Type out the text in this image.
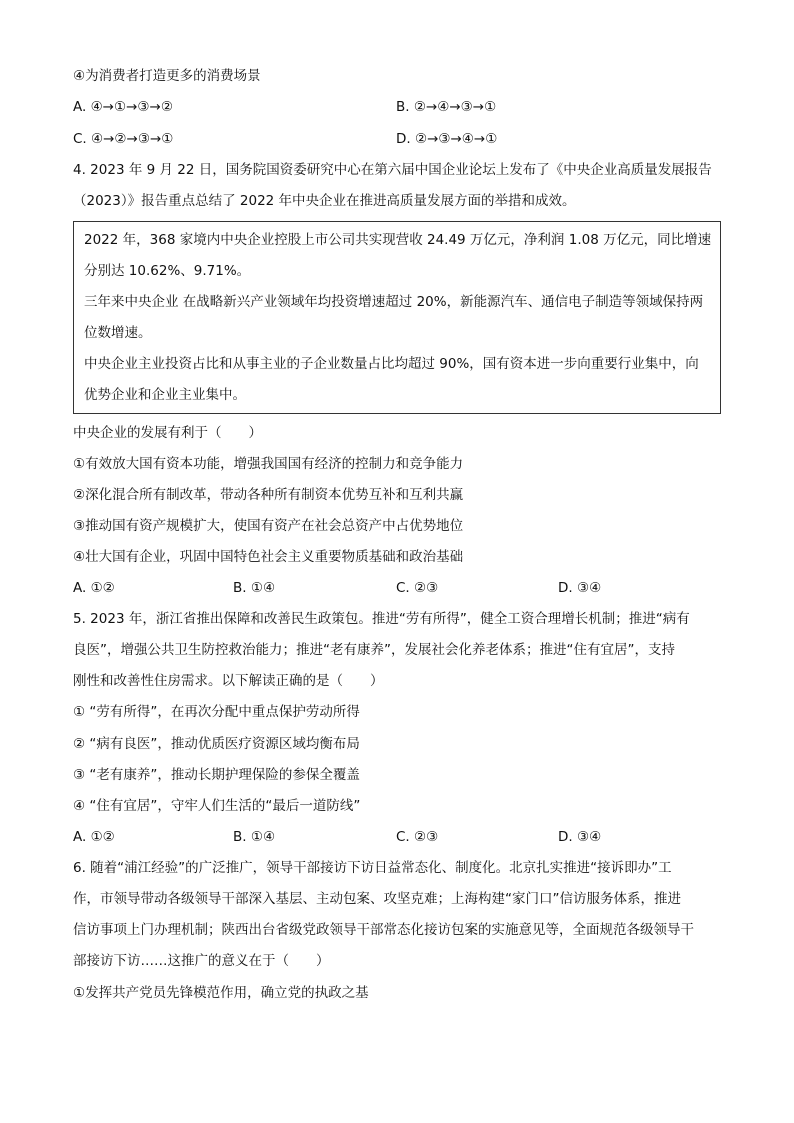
④为消费者打造更多的消费场景
A. ④→①→③→②	B. ②→④→③→①
C. ④→②→③→①	D. ②→③→④→①
4. 2023 年 9 月 22 日，国务院国资委研究中心在第六届中国企业论坛上发布了《中央企业高质量发展报告
（2023）》报告重点总结了 2022 年中央企业在推进高质量发展方面的举措和成效。
2022 年，368 家境内中央企业控股上市公司共实现营收 24.49 万亿元，净利润 1.08 万亿元，同比增速
分别达 10.62%、9.71%。
三年来中央企业 在战略新兴产业领域年均投资增速超过 20%，新能源汽车、通信电子制造等领域保持两
位数增速。
中央企业主业投资占比和从事主业的子企业数量占比均超过 90%，国有资本进一步向重要行业集中，向
优势企业和企业主业集中。
中央企业的发展有利于（　　）
①有效放大国有资本功能，增强我国国有经济的控制力和竞争能力
②深化混合所有制改革，带动各种所有制资本优势互补和互利共赢
③推动国有资产规模扩大，使国有资产在社会总资产中占优势地位
④壮大国有企业，巩固中国特色社会主义重要物质基础和政治基础
A. ①②	B. ①④	C. ②③	D. ③④
5. 2023 年，浙江省推出保障和改善民生政策包。推进“劳有所得”，健全工资合理增长机制；推进“病有
良医”，增强公共卫生防控救治能力；推进“老有康养”，发展社会化养老体系；推进“住有宜居”，支持
刚性和改善性住房需求。以下解读正确的是（　　）
① “劳有所得”，在再次分配中重点保护劳动所得
② “病有良医”，推动优质医疗资源区域均衡布局
③ “老有康养”，推动长期护理保险的参保全覆盖
④ “住有宜居”，守牢人们生活的“最后一道防线”
A. ①②	B. ①④	C. ②③	D. ③④
6. 随着“浦江经验”的广泛推广，领导干部接访下访日益常态化、制度化。北京扎实推进“接诉即办”工
作，市领导带动各级领导干部深入基层、主动包案、攻坚克难；上海构建“家门口”信访服务体系，推进
信访事项上门办理机制；陕西出台省级党政领导干部常态化接访包案的实施意见等，全面规范各级领导干
部接访下访……这推广的意义在于（　　）
①发挥共产党员先锋模范作用，确立党的执政之基
